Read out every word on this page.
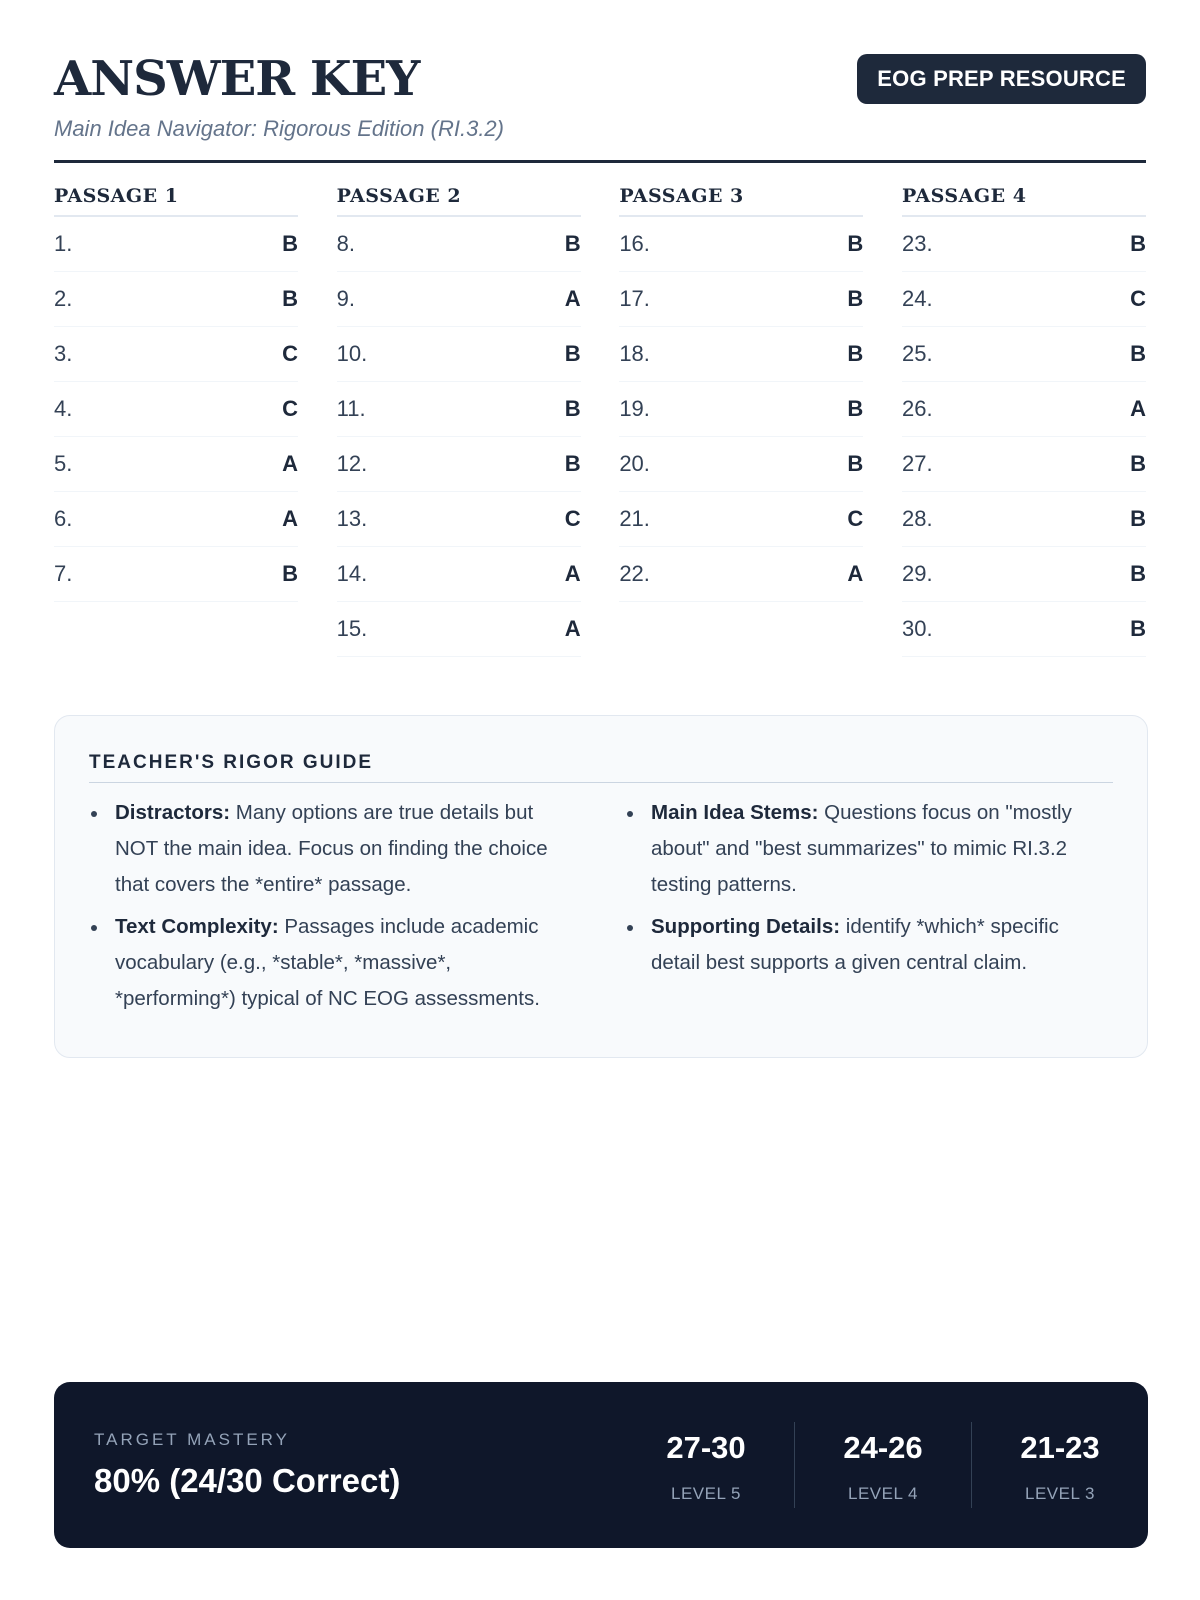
ANSWER KEY
Main Idea Navigator: Rigorous Edition (RI.3.2)
EOG PREP RESOURCE
PASSAGE 1
1.	B
2.	B
3.	C
4.	C
5.	A
6.	A
7.	B
PASSAGE 2
8.	B
9.	A
10.	B
11.	B
12.	B
13.	C
14.	A
15.	A
PASSAGE 3
16.	B
17.	B
18.	B
19.	B
20.	B
21.	C
22.	A
PASSAGE 4
23.	B
24.	C
25.	B
26.	A
27.	B
28.	B
29.	B
30.	B
TEACHER'S RIGOR GUIDE
Distractors: Many options are true details but NOT the main idea. Focus on finding the choice that covers the *entire* passage.
Text Complexity: Passages include academic vocabulary (e.g., *stable*, *massive*, *performing*) typical of NC EOG assessments.
Main Idea Stems: Questions focus on "mostly about" and "best summarizes" to mimic RI.3.2 testing patterns.
Supporting Details: identify *which* specific detail best supports a given central claim.
TARGET MASTERY
80% (24/30 Correct)
27-30
LEVEL 5
24-26
LEVEL 4
21-23
LEVEL 3
